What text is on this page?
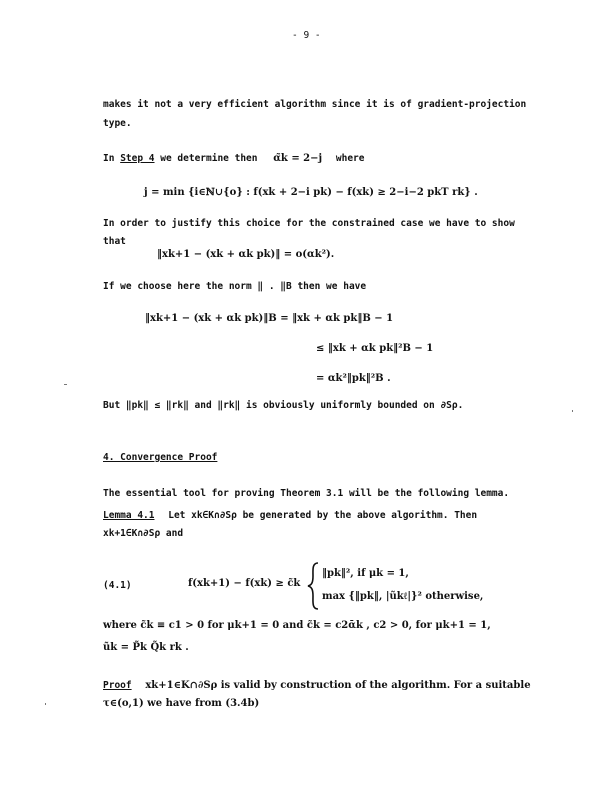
- 9 -
makes it not a very efficient algorithm since it is of gradient-projection
type.
In Step 4 we determine then α̃k = 2−j where
j = min {i∈ℕ∪{o} : f(xk + 2−i pk) − f(xk) ≥ 2−i−2 pkT rk} .
In order to justify this choice for the constrained case we have to show
that
‖xk+1 − (xk + αk pk)‖ = o(αk²).
If we choose here the norm ‖ . ‖B then we have
‖xk+1 − (xk + αk pk)‖B = ‖xk + αk pk‖B − 1
≤ ‖xk + αk pk‖²B − 1
= αk²‖pk‖²B .
But ‖pk‖ ≤ ‖rk‖ and ‖rk‖ is obviously uniformly bounded on ∂Sρ.
4. Convergence Proof
The essential tool for proving Theorem 3.1 will be the following lemma.
Lemma 4.1 Let xk∈K∩∂Sρ be generated by the above algorithm. Then
xk+1∈K∩∂Sρ and
(4.1)	f(xk+1) − f(xk) ≥ c̃k
‖pk‖², if μk = 1,
max {‖pk‖, |ũkℓ|}² otherwise,
where c̃k ≡ c1 > 0 for μk+1 = 0 and c̃k = c2ᾱk , c2 > 0, for μk+1 = 1,
ũk = P̃k Q̃k rk .
Proof xk+1∈K∩∂Sρ is valid by construction of the algorithm. For a suitable
τ∈(o,1) we have from (3.4b)
